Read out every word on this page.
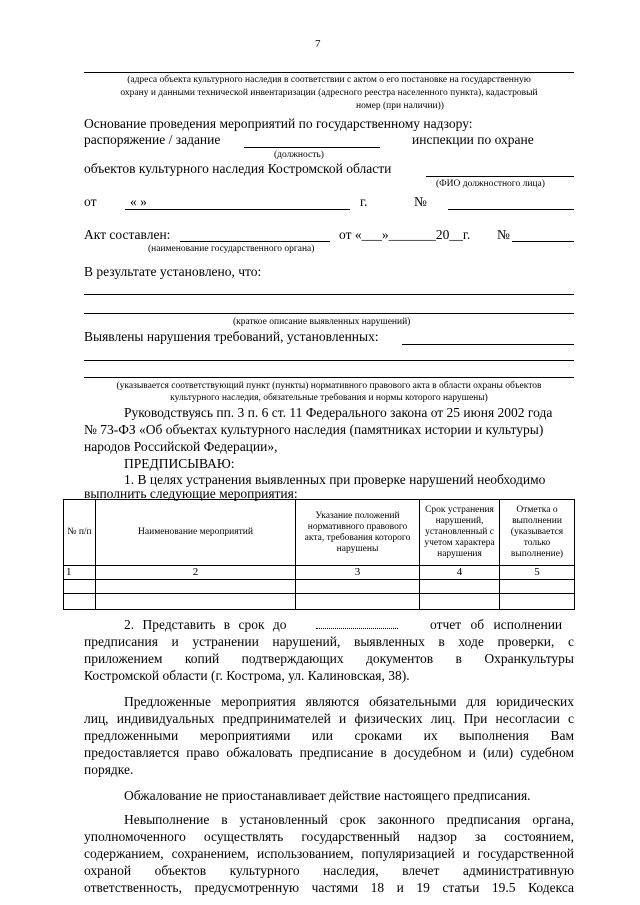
7
(адреса объекта культурного наследия в соответствии с актом о его постановке на государственную
охрану и данными технической инвентаризации (адресного реестра населенного пункта), кадастровый
номер (при наличии))
Основание проведения мероприятий по государственному надзору:
распоряжение / задание	инспекции по охране
(должность)
объектов культурного наследия Костромской области
(ФИО должностного лица)
от « »	г.	№
Акт составлен:	от «___»_______20__г. №
(наименование государственного органа)
В результате установлено, что:
(краткое описание выявленных нарушений)
Выявлены нарушения требований, установленных:
(указывается соответствующий пункт (пункты) нормативного правового акта в области охраны объектов
культурного наследия, обязательные требования и нормы которого нарушены)
Руководствуясь пп. 3 п. 6 ст. 11 Федерального закона от 25 июня 2002 года
№ 73-ФЗ «Об объектах культурного наследия (памятниках истории и культуры)
народов Российской Федерации»,
ПРЕДПИСЫВАЮ:
1. В целях устранения выявленных при проверке нарушений необходимо
выполнить следующие мероприятия:
№ п/п	Наименование мероприятий	Указание положений нормативного правового акта, требования которого нарушены	Срок устранения нарушений, установленный с учетом характера нарушения	Отметка о выполнении (указывается только выполнение)
1	2	3	4	5

2. Представить в срок до	отчет об исполнении
предписания и устранении нарушений, выявленных в ходе проверки, с
приложением копий подтверждающих документов в Охранкультуры
Костромской области (г. Кострома, ул. Калиновская, 38).
Предложенные мероприятия являются обязательными для юридических
лиц, индивидуальных предпринимателей и физических лиц. При несогласии с
предложенными мероприятиями или сроками их выполнения Вам
предоставляется право обжаловать предписание в досудебном и (или) судебном
порядке.
Обжалование не приостанавливает действие настоящего предписания.
Невыполнение в установленный срок законного предписания органа,
уполномоченного осуществлять государственный надзор за состоянием,
содержанием, сохранением, использованием, популяризацией и государственной
охраной объектов культурного наследия, влечет административную
ответственность, предусмотренную частями 18 и 19 статьи 19.5 Кодекса
